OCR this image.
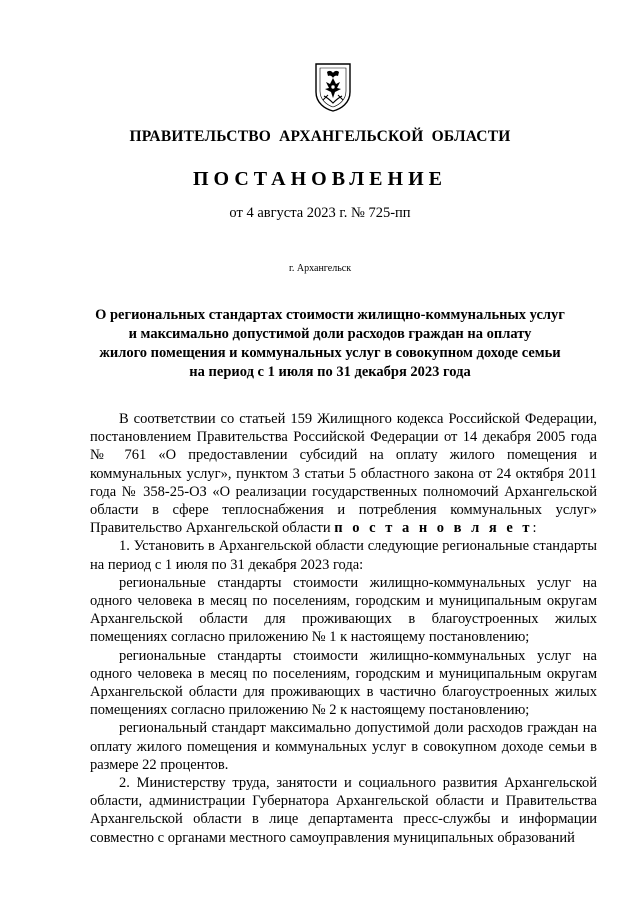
ПРАВИТЕЛЬСТВО АРХАНГЕЛЬСКОЙ ОБЛАСТИ
ПОСТАНОВЛЕНИЕ
от 4 августа 2023 г. № 725-пп
г. Архангельск
О региональных стандартах стоимости жилищно-коммунальных услуг
и максимально допустимой доли расходов граждан на оплату
жилого помещения и коммунальных услуг в совокупном доходе семьи
на период с 1 июля по 31 декабря 2023 года

В соответствии со статьей 159 Жилищного кодекса Российской Федерации, постановлением Правительства Российской Федерации от 14 декабря 2005 года № 761 «О предоставлении субсидий на оплату жилого помещения и коммунальных услуг», пунктом 3 статьи 5 областного закона от 24 октября 2011 года № 358-25-ОЗ «О реализации государственных полномочий Архангельской области в сфере теплоснабжения и потребления коммунальных услуг» Правительство Архангельской области п о с т а н о в л я е т:

1. Установить в Архангельской области следующие региональные стандарты на период с 1 июля по 31 декабря 2023 года:

региональные стандарты стоимости жилищно-коммунальных услуг на одного человека в месяц по поселениям, городским и муниципальным округам Архангельской области для проживающих в благоустроенных жилых помещениях согласно приложению № 1 к настоящему постановлению;

региональные стандарты стоимости жилищно-коммунальных услуг на одного человека в месяц по поселениям, городским и муниципальным округам Архангельской области для проживающих в частично благоустроенных жилых помещениях согласно приложению № 2 к настоящему постановлению;

региональный стандарт максимально допустимой доли расходов граждан на оплату жилого помещения и коммунальных услуг в совокупном доходе семьи в размере 22 процентов.

2. Министерству труда, занятости и социального развития Архангельской области, администрации Губернатора Архангельской области и Правительства Архангельской области в лице департамента пресс-службы и информации совместно с органами местного самоуправления муниципальных образований
